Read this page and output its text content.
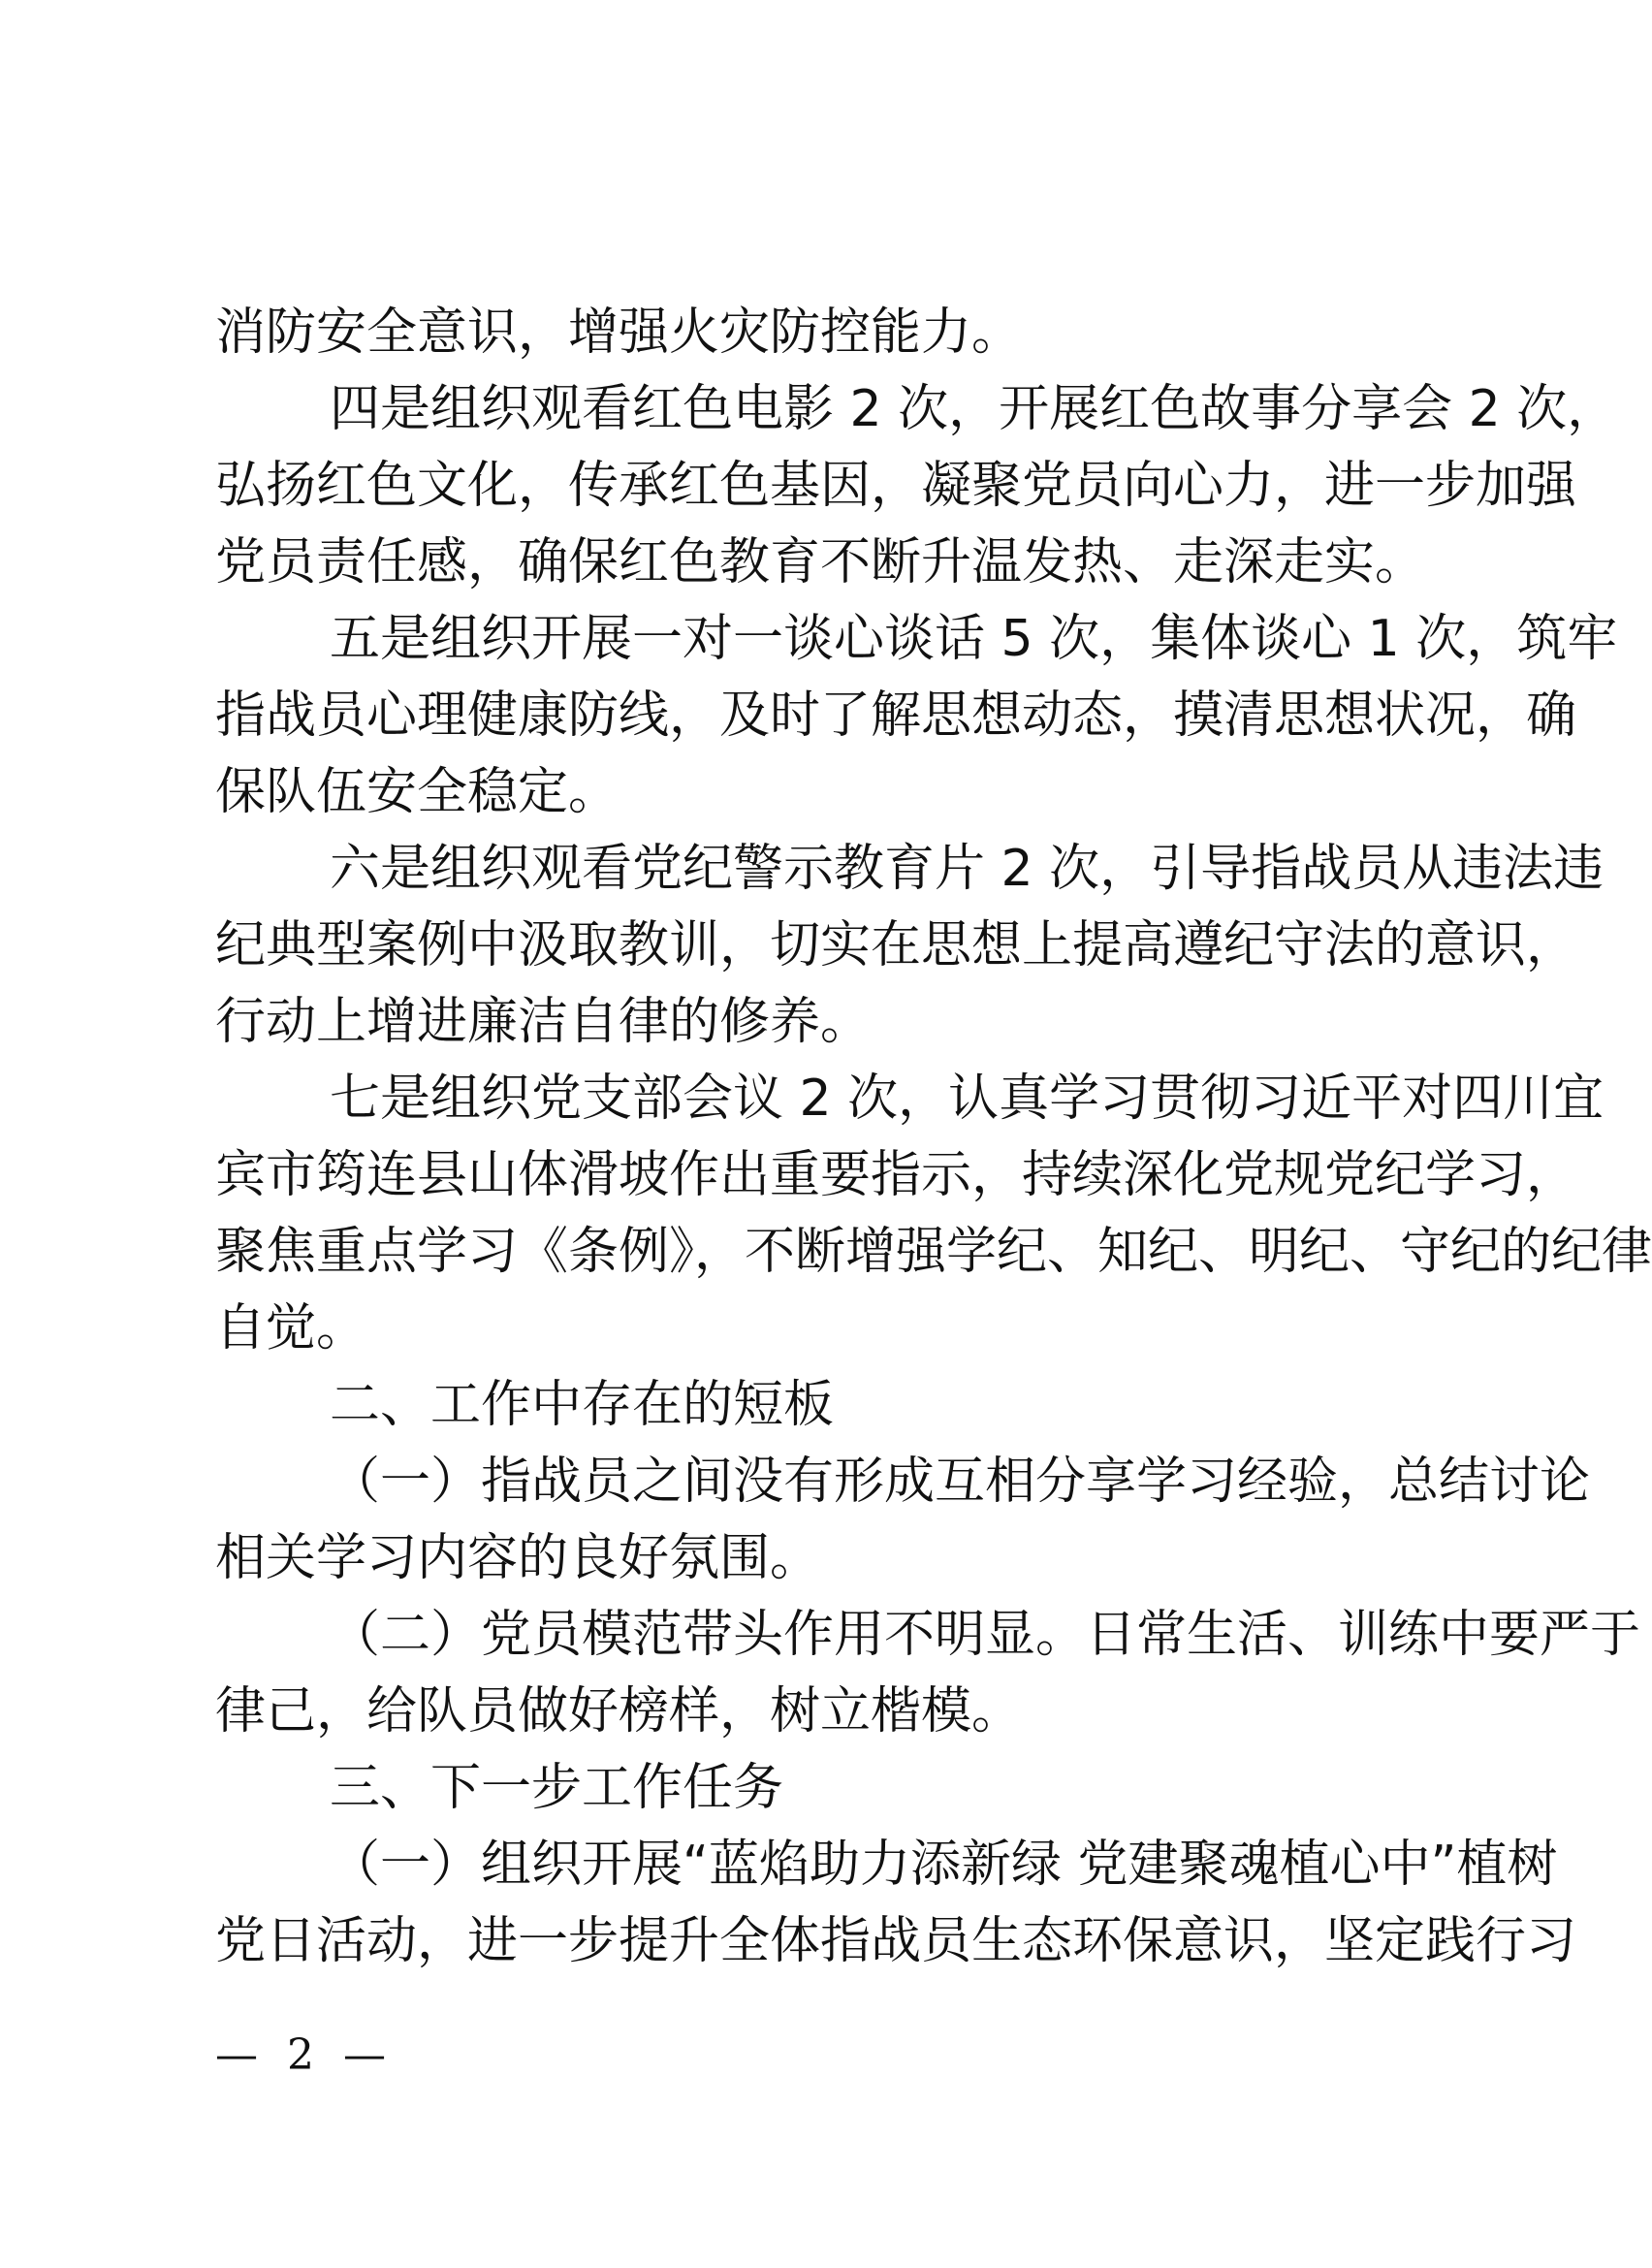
消防安全意识，增强火灾防控能力。
四是组织观看红色电影 2 次，开展红色故事分享会 2 次，
弘扬红色文化，传承红色基因，凝聚党员向心力，进一步加强
党员责任感，确保红色教育不断升温发热、走深走实。
五是组织开展一对一谈心谈话 5 次，集体谈心 1 次，筑牢
指战员心理健康防线，及时了解思想动态，摸清思想状况，确
保队伍安全稳定。
六是组织观看党纪警示教育片 2 次，引导指战员从违法违
纪典型案例中汲取教训，切实在思想上提高遵纪守法的意识，
行动上增进廉洁自律的修养。
七是组织党支部会议 2 次，认真学习贯彻习近平对四川宜
宾市筠连县山体滑坡作出重要指示，持续深化党规党纪学习，
聚焦重点学习《条例》，不断增强学纪、知纪、明纪、守纪的纪律
自觉。
二、工作中存在的短板
（一）指战员之间没有形成互相分享学习经验，总结讨论
相关学习内容的良好氛围。
（二）党员模范带头作用不明显。日常生活、训练中要严于
律己，给队员做好榜样，树立楷模。
三、下一步工作任务
（一）组织开展“蓝焰助力添新绿 党建聚魂植心中”植树
党日活动，进一步提升全体指战员生态环保意识，坚定践行习
— 2 —
